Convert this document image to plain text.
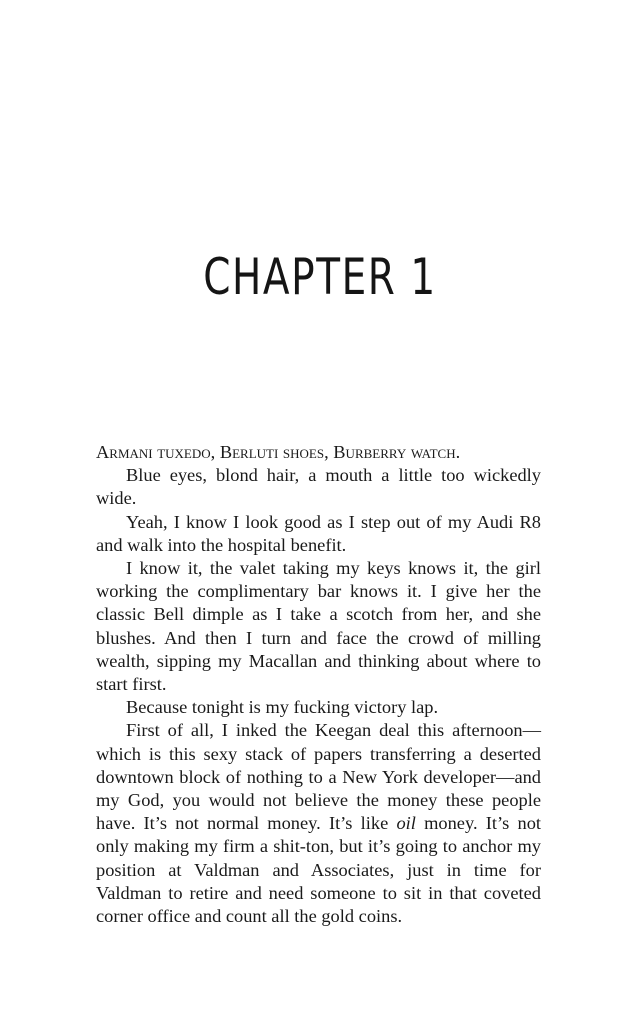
CHAPTER 1

Armani tuxedo, Berluti shoes, Burberry watch.

Blue eyes, blond hair, a mouth a little too wickedly wide.

Yeah, I know I look good as I step out of my Audi R8 and walk into the hospital benefit.

I know it, the valet taking my keys knows it, the girl working the complimentary bar knows it. I give her the classic Bell dimple as I take a scotch from her, and she blushes. And then I turn and face the crowd of milling wealth, sipping my Macallan and thinking about where to start first.

Because tonight is my fucking victory lap.

First of all, I inked the Keegan deal this afternoon—which is this sexy stack of papers transferring a deserted downtown block of nothing to a New York developer—and my God, you would not believe the money these people have. It’s not normal money. It’s like oil money. It’s not only making my firm a shit-ton, but it’s going to anchor my position at Valdman and Associates, just in time for Valdman to retire and need someone to sit in that coveted corner office and count all the gold coins.
